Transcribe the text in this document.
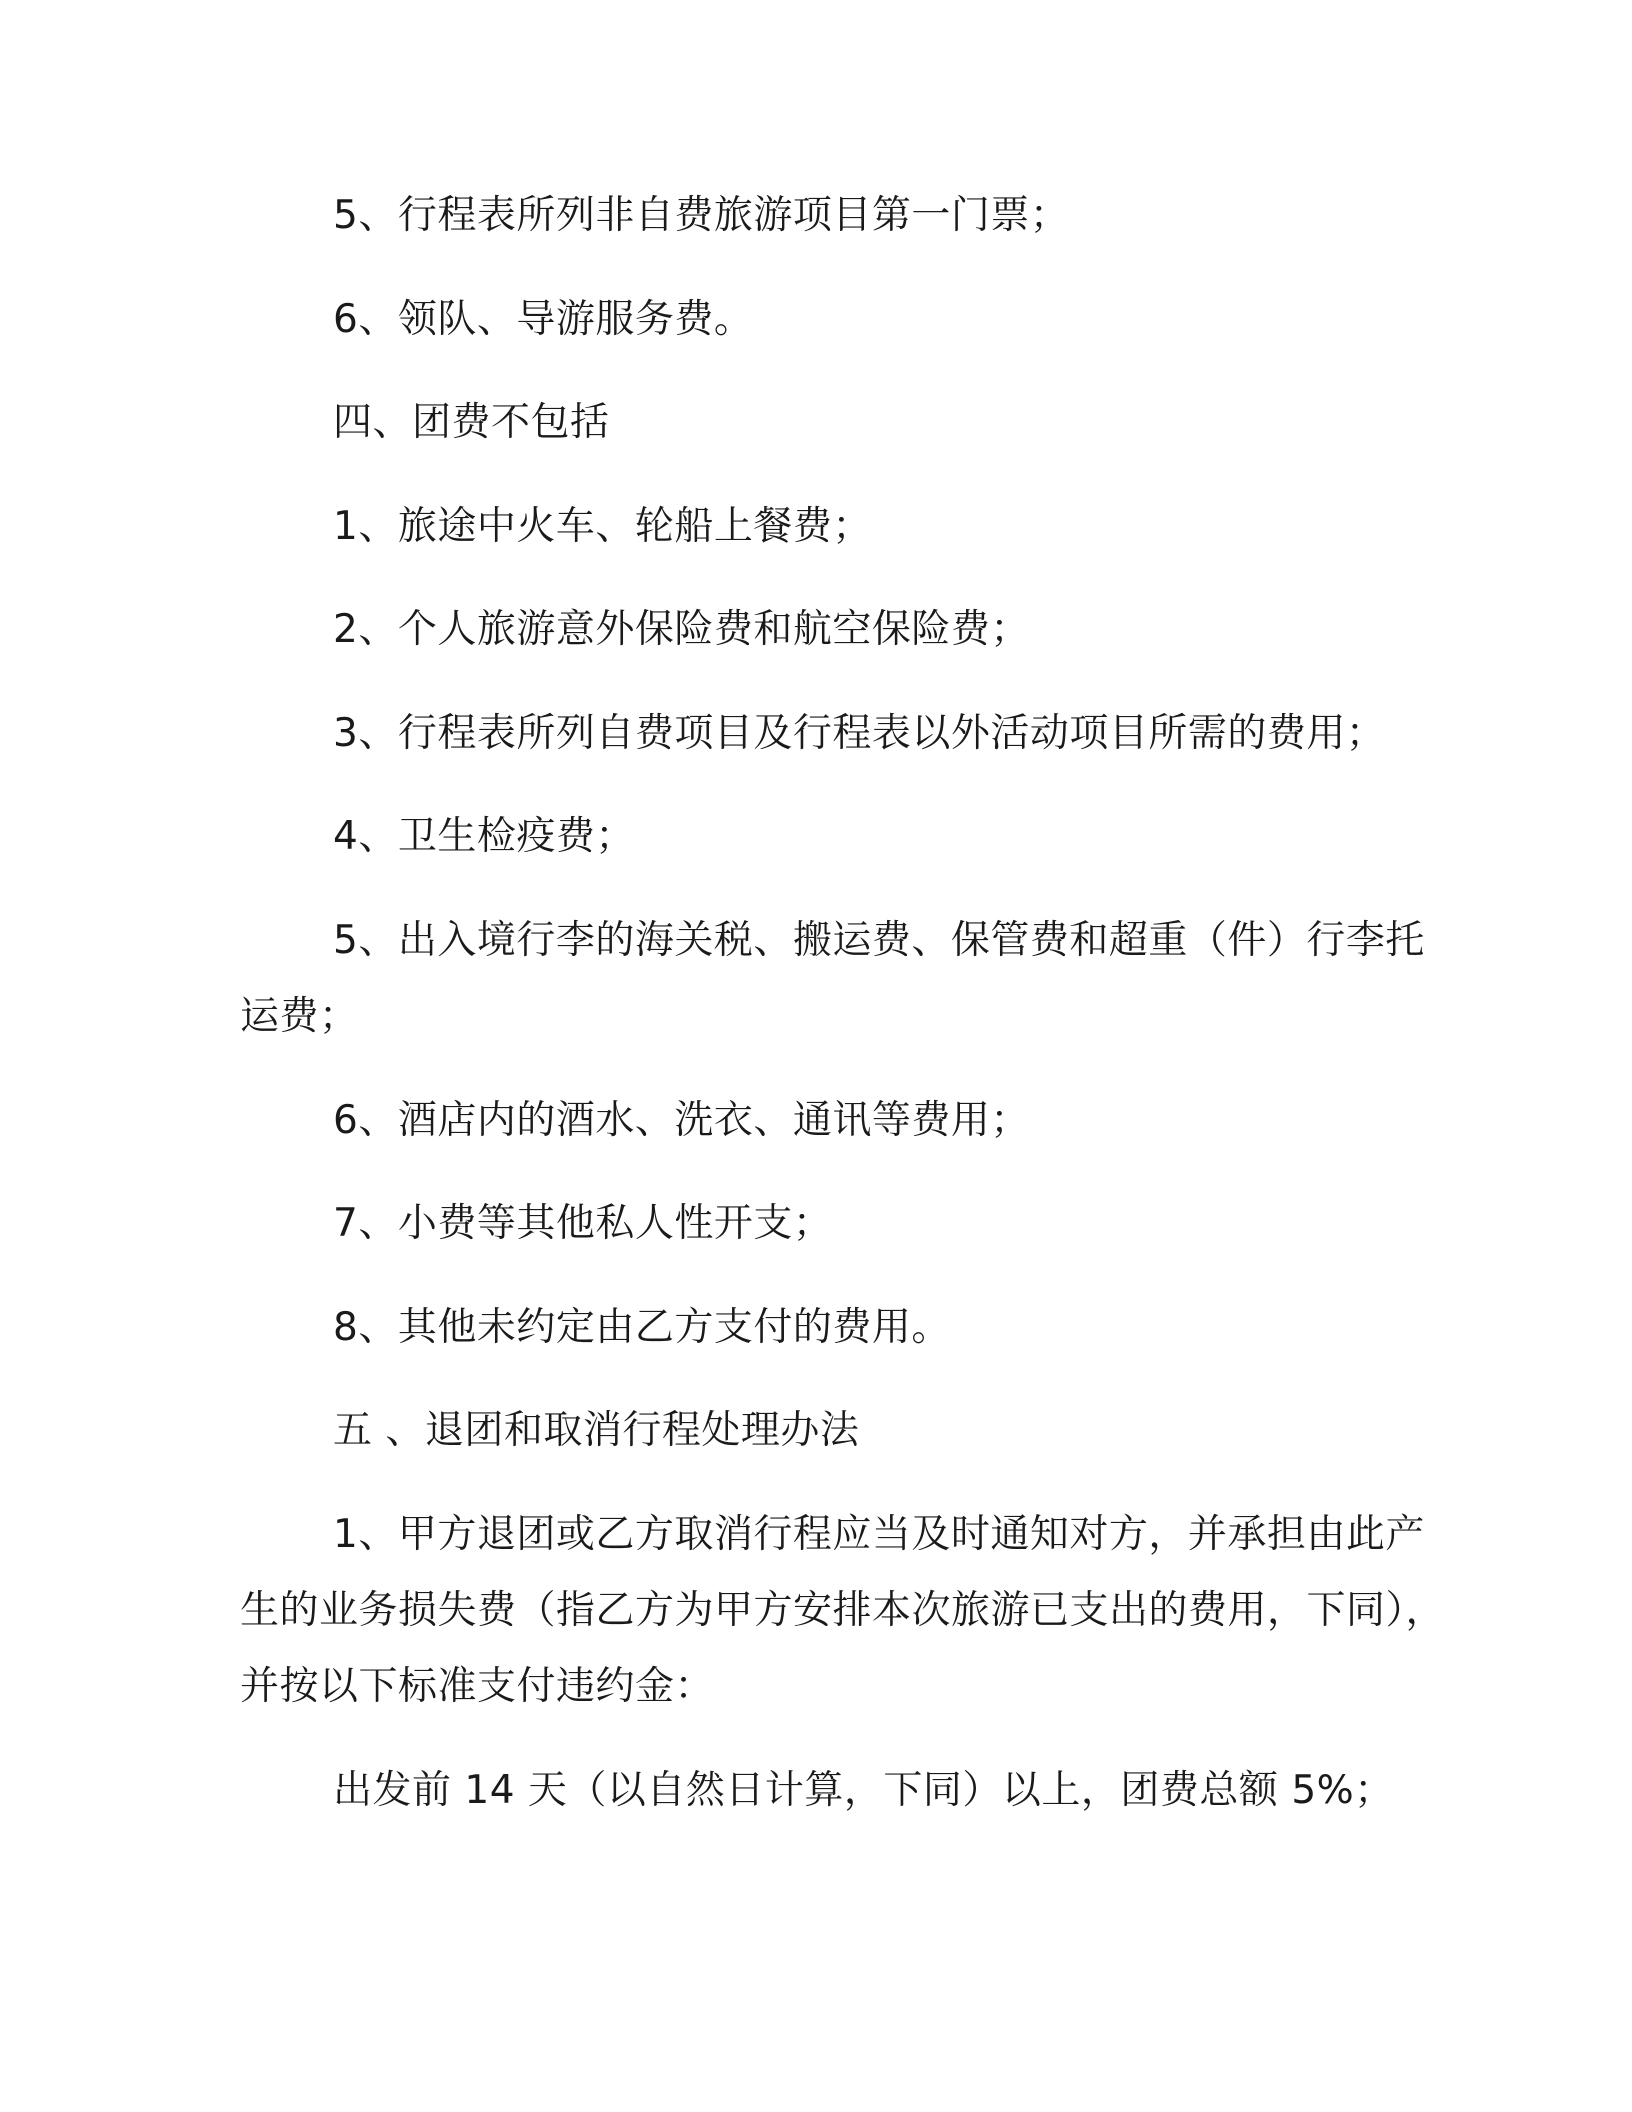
5、行程表所列非自费旅游项目第一门票；
6、领队、导游服务费。
四、团费不包括
1、旅途中火车、轮船上餐费；
2、个人旅游意外保险费和航空保险费；
3、行程表所列自费项目及行程表以外活动项目所需的费用；
4、卫生检疫费；
5、出入境行李的海关税、搬运费、保管费和超重（件）行李托
运费；
6、酒店内的酒水、洗衣、通讯等费用；
7、小费等其他私人性开支；
8、其他未约定由乙方支付的费用。
五 、退团和取消行程处理办法
1、甲方退团或乙方取消行程应当及时通知对方，并承担由此产
生的业务损失费（指乙方为甲方安排本次旅游已支出的费用，下同），
并按以下标准支付违约金：
出发前 14 天（以自然日计算，下同）以上，团费总额 5%；
